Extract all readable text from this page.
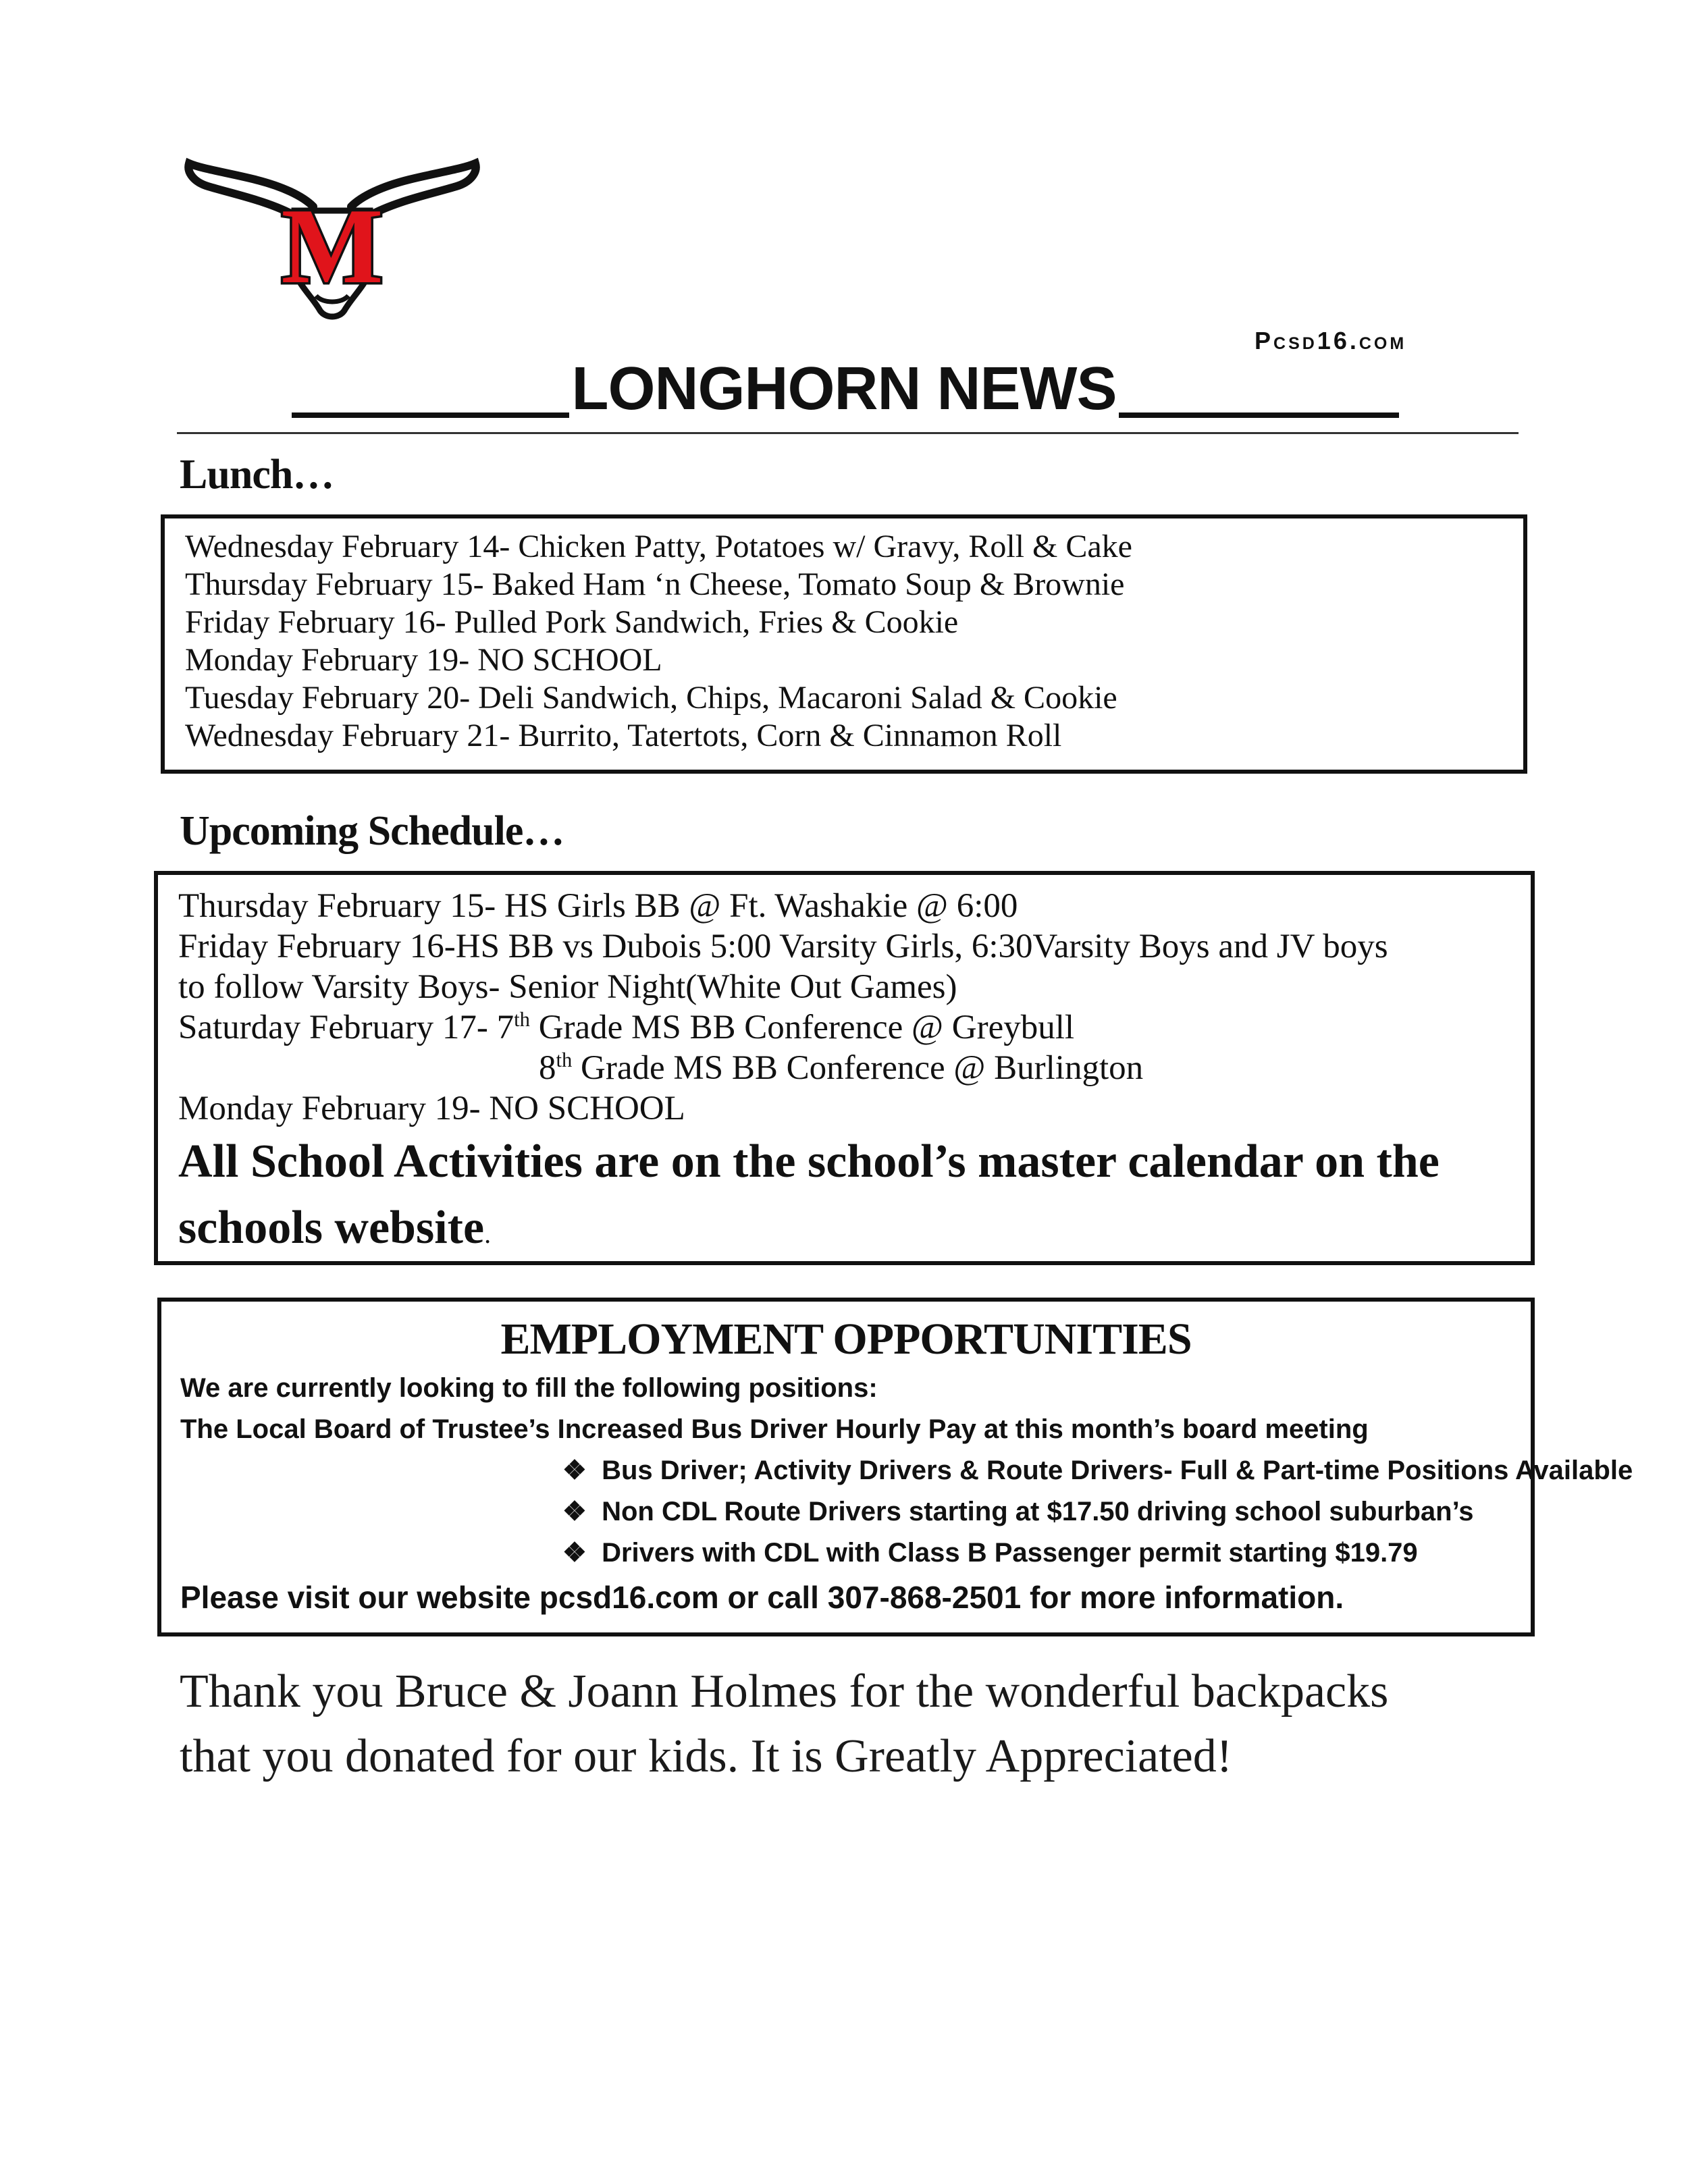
M
Pcsd16.com
LONGHORN NEWS
Lunch…
Wednesday February 14- Chicken Patty, Potatoes w/ Gravy, Roll & Cake
Thursday February 15- Baked Ham ‘n Cheese, Tomato Soup & Brownie
Friday February 16- Pulled Pork Sandwich, Fries & Cookie
Monday February 19- NO SCHOOL
Tuesday February 20- Deli Sandwich, Chips, Macaroni Salad & Cookie
Wednesday February 21- Burrito, Tatertots, Corn & Cinnamon Roll
Upcoming Schedule…
Thursday February 15- HS Girls BB @ Ft. Washakie @ 6:00
Friday February 16-HS BB vs Dubois 5:00 Varsity Girls, 6:30Varsity Boys and JV boys
to follow Varsity Boys- Senior Night(White Out Games)
Saturday February 17- 7th Grade MS BB Conference @ Greybull
8th Grade MS BB Conference @ Burlington
Monday February 19- NO SCHOOL
All School Activities are on the school’s master calendar on the schools website.
EMPLOYMENT OPPORTUNITIES
We are currently looking to fill the following positions:
The Local Board of Trustee’s Increased Bus Driver Hourly Pay at this month’s board meeting
❖ Bus Driver; Activity Drivers & Route Drivers- Full & Part-time Positions Available
❖ Non CDL Route Drivers starting at $17.50 driving school suburban’s
❖ Drivers with CDL with Class B Passenger permit starting $19.79
Please visit our website pcsd16.com or call 307-868-2501 for more information.
Thank you Bruce & Joann Holmes for the wonderful backpacks
that you donated for our kids. It is Greatly Appreciated!
